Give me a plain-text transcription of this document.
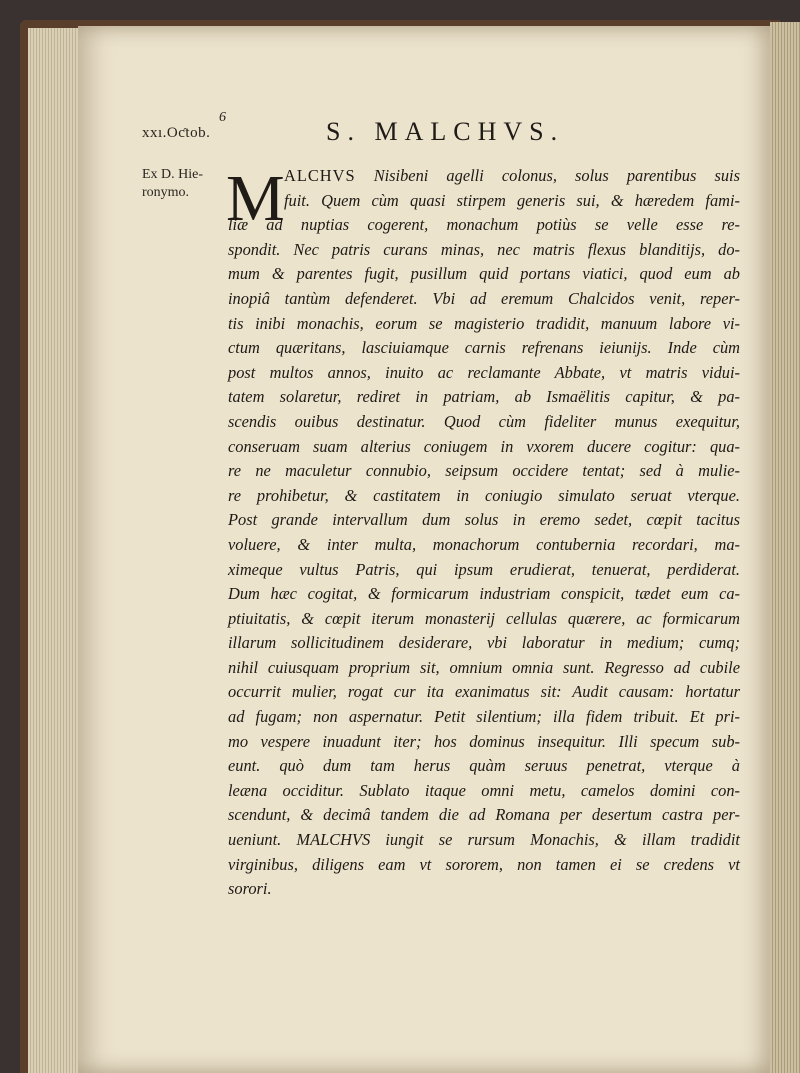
6
xxı.Oƈtob.	S. MALCHVS.
Ex D. Hie-
ronymo. M ALCHVS Nisibeni agelli colonus, solus parentibus suis
fuit. Quem cùm quasi stirpem generis sui, & hæredem fami-
liæ ad nuptias cogerent, monachum potiùs se velle esse re-
spondit. Nec patris curans minas, nec matris flexus blanditijs, do-
mum & parentes fugit, pusillum quid portans viatici, quod eum ab
inopiâ tantùm defenderet. Vbi ad eremum Chalcidos venit, reper-
tis inibi monachis, eorum se magisterio tradidit, manuum labore vi-
ctum quæritans, lasciuiamque carnis refrenans ieiunijs. Inde cùm
post multos annos, inuito ac reclamante Abbate, vt matris vidui-
tatem solaretur, rediret in patriam, ab Ismaëlitis capitur, & pa-
scendis ouibus destinatur. Quod cùm fideliter munus exequitur,
conseruam suam alterius coniugem in vxorem ducere cogitur: qua-
re ne maculetur connubio, seipsum occidere tentat; sed à mulie-
re prohibetur, & castitatem in coniugio simulato seruat vterque.
Post grande intervallum dum solus in eremo sedet, cœpit tacitus
voluere, & inter multa, monachorum contubernia recordari, ma-
ximeque vultus Patris, qui ipsum erudierat, tenuerat, perdiderat.
Dum hæc cogitat, & formicarum industriam conspicit, tædet eum ca-
ptiuitatis, & cœpit iterum monasterij cellulas quærere, ac formicarum
illarum sollicitudinem desiderare, vbi laboratur in medium; cumq;
nihil cuiusquam proprium sit, omnium omnia sunt. Regresso ad cubile
occurrit mulier, rogat cur ita exanimatus sit: Audit causam: hortatur
ad fugam; non aspernatur. Petit silentium; illa fidem tribuit. Et pri-
mo vespere inuadunt iter; hos dominus insequitur. Illi specum sub-
eunt. quò dum tam herus quàm seruus penetrat, vterque à
leæna occiditur. Sublato itaque omni metu, camelos domini con-
scendunt, & decimâ tandem die ad Romana per desertum castra per-
ueniunt. MALCHVS iungit se rursum Monachis, & illam tradidit
virginibus, diligens eam vt sororem, non tamen ei se credens vt
sorori.
